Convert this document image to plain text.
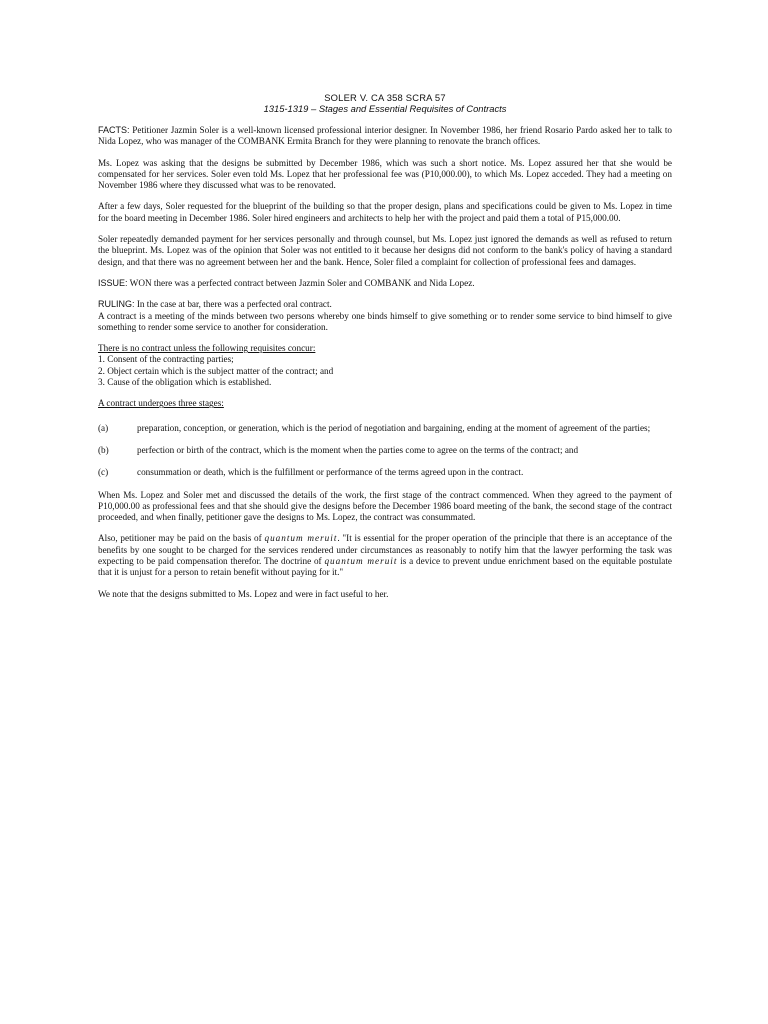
SOLER V. CA 358 SCRA 57
1315-1319 – Stages and Essential Requisites of Contracts

FACTS: Petitioner Jazmin Soler is a well-known licensed professional interior designer. In November 1986, her friend Rosario Pardo asked her to talk to Nida Lopez, who was manager of the COMBANK Ermita Branch for they were planning to renovate the branch offices.

Ms. Lopez was asking that the designs be submitted by December 1986, which was such a short notice. Ms. Lopez assured her that she would be compensated for her services. Soler even told Ms. Lopez that her professional fee was (P10,000.00), to which Ms. Lopez acceded. They had a meeting on November 1986 where they discussed what was to be renovated.

After a few days, Soler requested for the blueprint of the building so that the proper design, plans and specifications could be given to Ms. Lopez in time for the board meeting in December 1986. Soler hired engineers and architects to help her with the project and paid them a total of P15,000.00.

Soler repeatedly demanded payment for her services personally and through counsel, but Ms. Lopez just ignored the demands as well as refused to return the blueprint. Ms. Lopez was of the opinion that Soler was not entitled to it because her designs did not conform to the bank's policy of having a standard design, and that there was no agreement between her and the bank. Hence, Soler filed a complaint for collection of professional fees and damages.

ISSUE: WON there was a perfected contract between Jazmin Soler and COMBANK and Nida Lopez.

RULING: In the case at bar, there was a perfected oral contract.
A contract is a meeting of the minds between two persons whereby one binds himself to give something or to render some service to bind himself to give something to render some service to another for consideration.

There is no contract unless the following requisites concur:
1. Consent of the contracting parties;
2. Object certain which is the subject matter of the contract; and
3. Cause of the obligation which is established.

A contract undergoes three stages:

(a)	preparation, conception, or generation, which is the period of negotiation and bargaining, ending at the moment of agreement of the parties;

(b)	perfection or birth of the contract, which is the moment when the parties come to agree on the terms of the contract; and

(c)	consummation or death, which is the fulfillment or performance of the terms agreed upon in the contract.

When Ms. Lopez and Soler met and discussed the details of the work, the first stage of the contract commenced. When they agreed to the payment of P10,000.00 as professional fees and that she should give the designs before the December 1986 board meeting of the bank, the second stage of the contract proceeded, and when finally, petitioner gave the designs to Ms. Lopez, the contract was consummated.

Also, petitioner may be paid on the basis of quantum meruit. "It is essential for the proper operation of the principle that there is an acceptance of the benefits by one sought to be charged for the services rendered under circumstances as reasonably to notify him that the lawyer performing the task was expecting to be paid compensation therefor. The doctrine of quantum meruit is a device to prevent undue enrichment based on the equitable postulate that it is unjust for a person to retain benefit without paying for it."

We note that the designs submitted to Ms. Lopez and were in fact useful to her.
